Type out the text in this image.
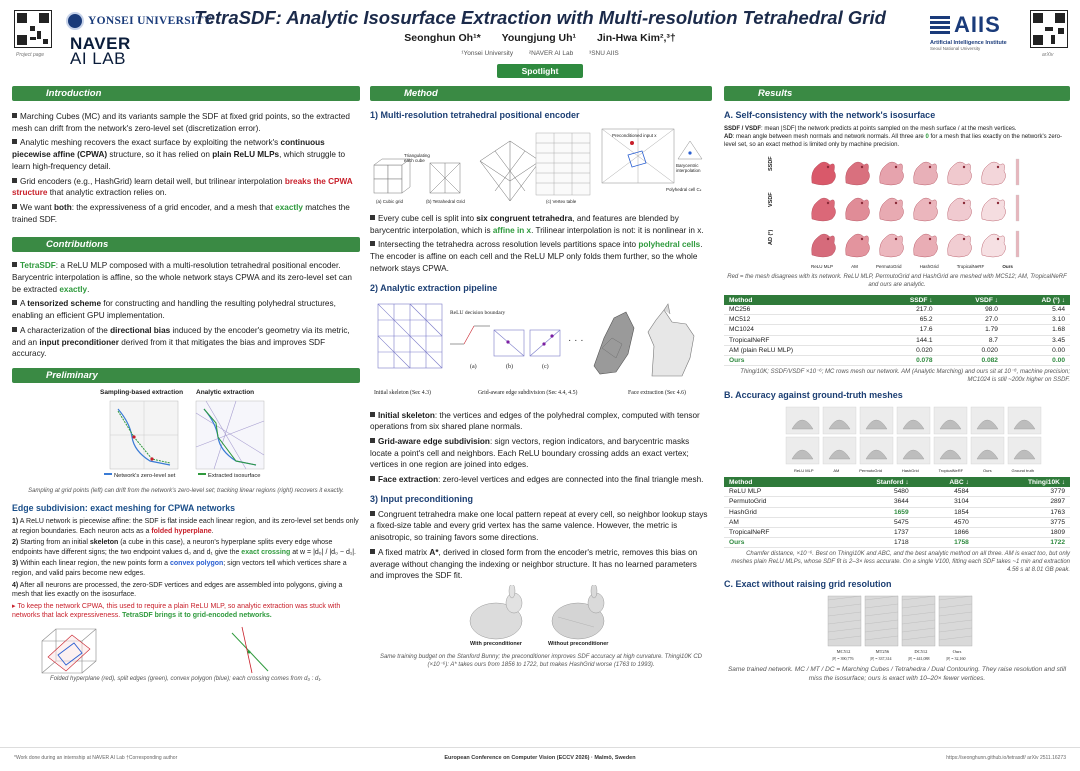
Project page
YONSEI UNIVERSITY
NAVER
AI LAB
TetraSDF: Analytic Isosurface Extraction with Multi-resolution Tetrahedral Grid
Seonghun Oh¹* Youngjung Uh¹ Jin-Hwa Kim²,³†
¹Yonsei University ²NAVER AI Lab ³SNU AIIS
Spotlight
AIIS
Artificial Intelligence Institute
Seoul National University
arXiv
Introduction

Marching Cubes (MC) and its variants sample the SDF at fixed grid points, so the extracted mesh can drift from the network's zero-level set (discretization error).

Analytic meshing recovers the exact surface by exploiting the network's continuous piecewise affine (CPWA) structure, so it has relied on plain ReLU MLPs, which struggle to learn high-frequency detail.

Grid encoders (e.g., HashGrid) learn detail well, but trilinear interpolation breaks the CPWA structure that analytic extraction relies on.

We want both: the expressiveness of a grid encoder, and a mesh that exactly matches the trained SDF.

Contributions

TetraSDF: a ReLU MLP composed with a multi-resolution tetrahedral positional encoder. Barycentric interpolation is affine, so the whole network stays CPWA and its zero-level set can be extracted exactly.

A tensorized scheme for constructing and handling the resulting polyhedral structures, enabling an efficient GPU implementation.

A characterization of the directional bias induced by the encoder's geometry via its metric, and an input preconditioner derived from it that mitigates the bias and improves SDF accuracy.

Preliminary
Sampling-based extraction Analytic extraction
Network's zero-level set	Extracted isosurface
Sampling at grid points (left) can drift from the network's zero-level set; tracking linear regions (right) recovers it exactly.
Edge subdivision: exact meshing for CPWA networks

1) A ReLU network is piecewise affine: the SDF is flat inside each linear region, and its zero-level set bends only at region boundaries. Each neuron acts as a folded hyperplane.

2) Starting from an initial skeleton (a cube in this case), a neuron's hyperplane splits every edge whose endpoints have different signs; the two endpoint values d₀ and d₁ give the exact crossing at w = |d₀| / |d₀ − d₁|.

3) Within each linear region, the new points form a convex polygon; sign vectors tell which vertices share a region, and valid pairs become new edges.

4) After all neurons are processed, the zero-SDF vertices and edges are assembled into polygons, giving a mesh that lies exactly on the isosurface.

▸ To keep the network CPWA, this used to require a plain ReLU MLP, so analytic extraction was stuck with networks that lack expressiveness. TetraSDF brings it to grid-encoded networks.

Folded hyperplane (red), split edges (green), convex polygon (blue); each crossing comes from d₀ : d₁.
Method
1) Multi-resolution tetrahedral positional encoder
Triangulating each cube
(a) Cubic grid	(b) Tetrahedral Grid	(c) Vertex table
Preconditioned input x
Barycentric interpolation
Polyhedral cell Cₖ

Every cube cell is split into six congruent tetrahedra, and features are blended by barycentric interpolation, which is affine in x. Trilinear interpolation is not: it is nonlinear in x.

Intersecting the tetrahedra across resolution levels partitions space into polyhedral cells. The encoder is affine on each cell and the ReLU MLP only folds them further, so the whole network stays CPWA.

2) Analytic extraction pipeline
· · ·
ReLU decision boundary
(a)	(b)	(c)
Initial skeleton (Sec 4.3)	Grid-aware edge subdivision (Sec 4.4, 4.5)	Face extraction (Sec 4.6)

Initial skeleton: the vertices and edges of the polyhedral complex, computed with tensor operations from six shared plane normals.

Grid-aware edge subdivision: sign vectors, region indicators, and barycentric masks locate a point's cell and neighbors. Each ReLU boundary crossing adds an exact vertex; vertices in one region are joined into edges.

Face extraction: zero-level vertices and edges are connected into the final triangle mesh.

3) Input preconditioning

Congruent tetrahedra make one local pattern repeat at every cell, so neighbor lookup stays a fixed-size table and every grid vertex has the same valence. However, the metric is anisotropic, so training favors some directions.

A fixed matrix A*, derived in closed form from the encoder's metric, removes this bias on average without changing the indexing or neighbor structure. It has no learned parameters and improves the SDF fit.

With preconditioner	Without preconditioner
Same training budget on the Stanford Bunny; the preconditioner improves SDF accuracy at high curvature. Thingi10K CD (×10⁻⁶): A* takes ours from 1856 to 1722, but makes HashGrid worse (1763 to 1993).
Results
A. Self-consistency with the network's isosurface
SSDF / VSDF: mean |SDF| the network predicts at points sampled on the mesh surface / at the mesh vertices.
AD: mean angle between mesh normals and network normals. All three are 0 for a mesh that lies exactly on the network's zero-level set, so an exact method is limited only by machine precision.
SSDF
VSDF
AD (°)
ReLU MLP	AM	PermutoGrid	HashGrid	TropicalNeRF	Ours
Red = the mesh disagrees with its network. ReLU MLP, PermutoGrid and HashGrid are meshed with MC512; AM, TropicalNeRF and ours are analytic.
Method	SSDF ↓	VSDF ↓	AD (°) ↓
MC256	217.0	98.0	5.44
MC512	65.2	27.0	3.10
MC1024	17.6	1.79	1.68
TropicalNeRF	144.1	8.7	3.45
AM (plain ReLU MLP)	0.020	0.020	0.00
Ours	0.078	0.082	0.00
Thingi10K; SSDF/VSDF ×10⁻⁶; MC rows mesh our network. AM (Analytic Marching) and ours sit at 10⁻⁸, machine precision; MC1024 is still ~200x higher on SSDF.
B. Accuracy against ground-truth meshes
ReLU MLP	AM	PermutoGrid	HashGrid	TropicalNeRF	Ours	Ground truth
Method	Stanford ↓	ABC ↓	Thingi10K ↓
ReLU MLP	5480	4584	3779
PermutoGrid	3644	3104	2897
HashGrid	1659	1854	1763
AM	5475	4570	3775
TropicalNeRF	1737	1866	1809
Ours	1718	1758	1722
Chamfer distance, ×10⁻⁶. Best on Thingi10K and ABC, and the best analytic method on all three. AM is exact too, but only meshes plain ReLU MLPs, whose SDF fit is 2–3× less accurate. On a single V100, fitting each SDF takes ~1 min and extraction 4.56 s at 8.01 GB peak.
C. Exact without raising grid resolution
MC512	MT256	DC512	Ours
|F| = 390,776	|F| = 337,314	|F| = 441,088	|F| = 32,160
Same trained network. MC / MT / DC = Marching Cubes / Tetrahedra / Dual Contouring. They raise resolution and still miss the isosurface; ours is exact with 10–20× fewer vertices.
*Work done during an internship at NAVER AI Lab †Corresponding author	European Conference on Computer Vision (ECCV 2026) · Malmö, Sweden	https://seonghunn.github.io/tetrasdf/ arXiv 2511.16273
